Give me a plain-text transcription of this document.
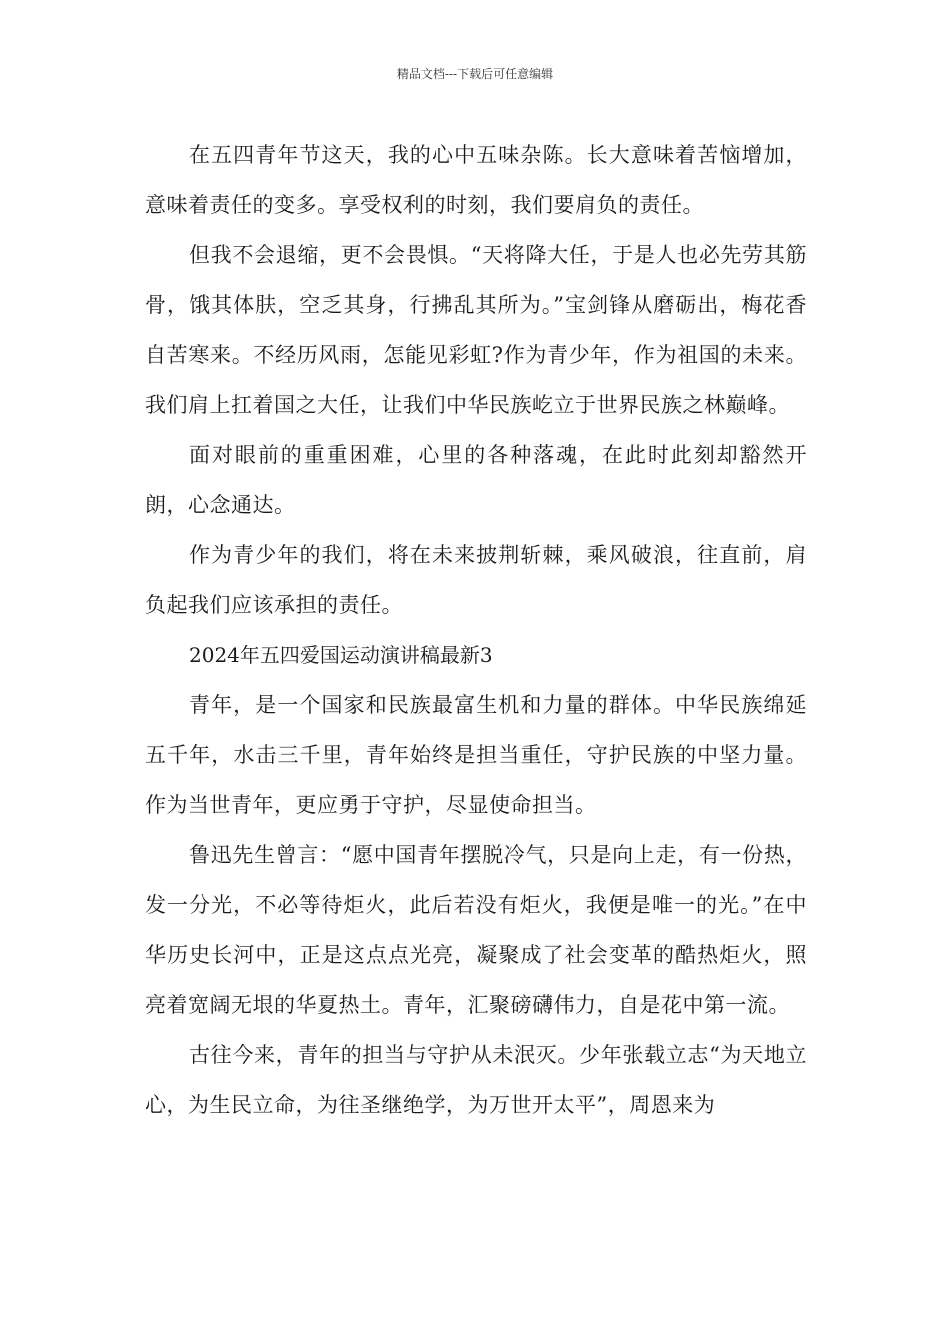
精品文档---下载后可任意编辑

在五四青年节这天，我的心中五味杂陈。长大意味着苦恼增加，意味着责任的变多。享受权利的时刻，我们要肩负的责任。

但我不会退缩，更不会畏惧。“天将降大任，于是人也必先劳其筋骨，饿其体肤，空乏其身，行拂乱其所为。”宝剑锋从磨砺出，梅花香自苦寒来。不经历风雨，怎能见彩虹?作为青少年，作为祖国的未来。我们肩上扛着国之大任，让我们中华民族屹立于世界民族之林巅峰。

面对眼前的重重困难，心里的各种落魂，在此时此刻却豁然开朗，心念通达。

作为青少年的我们，将在未来披荆斩棘，乘风破浪，往直前，肩负起我们应该承担的责任。

2024年五四爱国运动演讲稿最新3

青年，是一个国家和民族最富生机和力量的群体。中华民族绵延五千年，水击三千里，青年始终是担当重任，守护民族的中坚力量。作为当世青年，更应勇于守护，尽显使命担当。

鲁迅先生曾言：“愿中国青年摆脱冷气，只是向上走，有一份热，发一分光，不必等待炬火，此后若没有炬火，我便是唯一的光。”在中华历史长河中，正是这点点光亮，凝聚成了社会变革的酷热炬火，照亮着宽阔无垠的华夏热土。青年，汇聚磅礴伟力，自是花中第一流。

古往今来，青年的担当与守护从未泯灭。少年张载立志“为天地立心，为生民立命，为往圣继绝学，为万世开太平”，周恩来为
